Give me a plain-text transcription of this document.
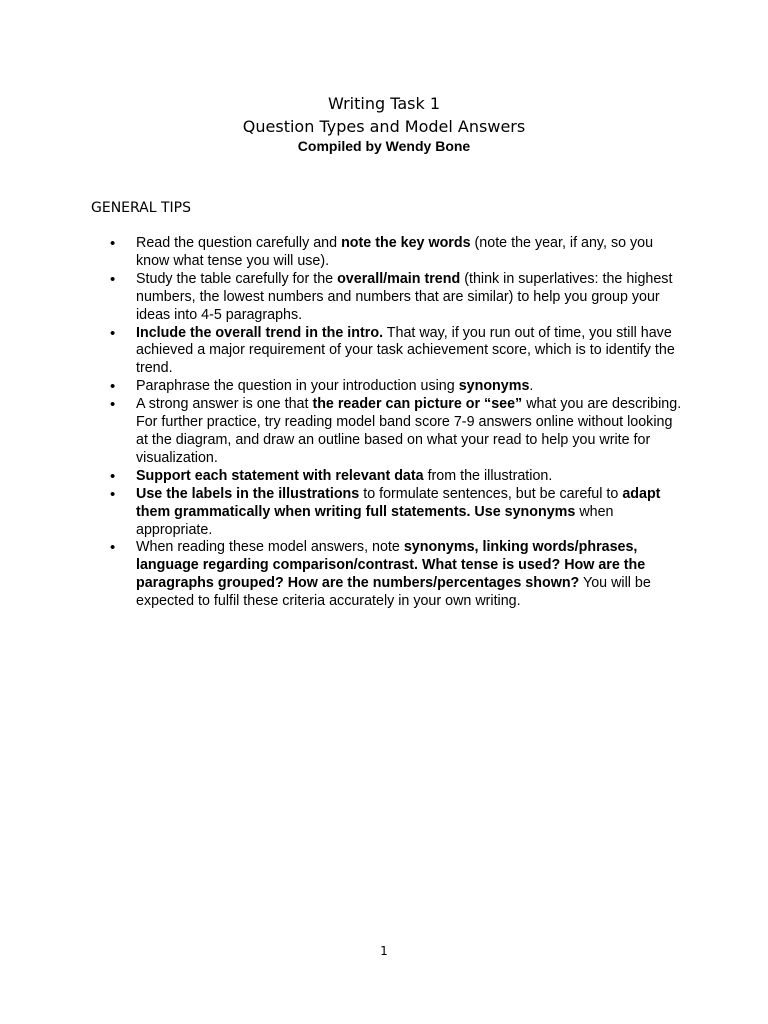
Writing Task 1
Question Types and Model Answers
Compiled by Wendy Bone
GENERAL TIPS
• Read the question carefully and note the key words (note the year, if any, so you know what tense you will use).
• Study the table carefully for the overall/main trend (think in superlatives: the highest numbers, the lowest numbers and numbers that are similar) to help you group your ideas into 4-5 paragraphs.
• Include the overall trend in the intro. That way, if you run out of time, you still have achieved a major requirement of your task achievement score, which is to identify the trend.
• Paraphrase the question in your introduction using synonyms.
• A strong answer is one that the reader can picture or “see” what you are describing. For further practice, try reading model band score 7-9 answers online without looking at the diagram, and draw an outline based on what your read to help you write for visualization.
• Support each statement with relevant data from the illustration.
• Use the labels in the illustrations to formulate sentences, but be careful to adapt them grammatically when writing full statements. Use synonyms when appropriate.
• When reading these model answers, note synonyms, linking words/phrases, language regarding comparison/contrast. What tense is used? How are the paragraphs grouped? How are the numbers/percentages shown? You will be expected to fulfil these criteria accurately in your own writing.
1
